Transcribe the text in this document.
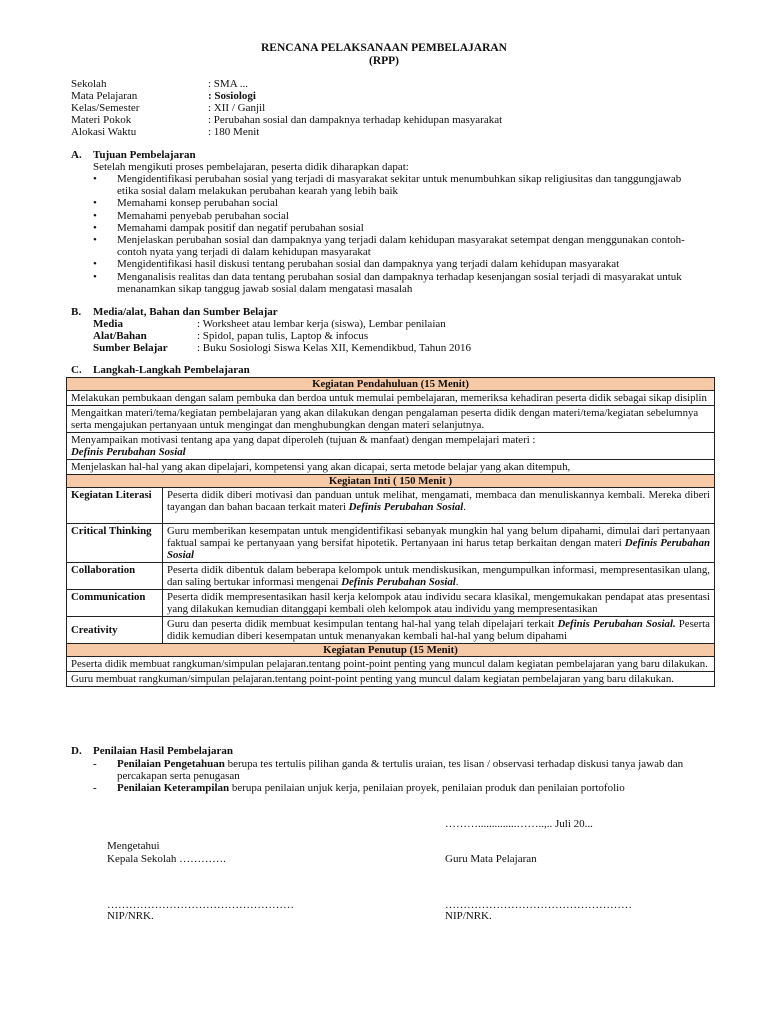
RENCANA PELAKSANAAN PEMBELAJARAN
(RPP)
Sekolah	: SMA ...
Mata Pelajaran	: Sosiologi
Kelas/Semester	: XII / Ganjil
Materi Pokok	: Perubahan sosial dan dampaknya terhadap kehidupan masyarakat
Alokasi Waktu	: 180 Menit
A. Tujuan Pembelajaran
Setelah mengikuti proses pembelajaran, peserta didik diharapkan dapat:
• Mengidentifikasi perubahan sosial yang terjadi di masyarakat sekitar untuk menumbuhkan sikap religiusitas dan tanggungjawab etika sosial dalam melakukan perubahan kearah yang lebih baik
• Memahami konsep perubahan social
• Memahami penyebab perubahan social
• Memahami dampak positif dan negatif perubahan sosial
• Menjelaskan perubahan sosial dan dampaknya yang terjadi dalam kehidupan masyarakat setempat dengan menggunakan contoh-contoh nyata yang terjadi di dalam kehidupan masyarakat
• Mengidentifikasi hasil diskusi tentang perubahan sosial dan dampaknya yang terjadi dalam kehidupan masyarakat
• Menganalisis realitas dan data tentang perubahan sosial dan dampaknya terhadap kesenjangan sosial terjadi di masyarakat untuk menanamkan sikap tanggug jawab sosial dalam mengatasi masalah
B. Media/alat, Bahan dan Sumber Belajar
Media	: Worksheet atau lembar kerja (siswa), Lembar penilaian
Alat/Bahan	: Spidol, papan tulis, Laptop & infocus
Sumber Belajar	: Buku Sosiologi Siswa Kelas XII, Kemendikbud, Tahun 2016
C. Langkah-Langkah Pembelajaran
Kegiatan Pendahuluan (15 Menit)	
Melakukan pembukaan dengan salam pembuka dan berdoa untuk memulai pembelajaran, memeriksa kehadiran peserta didik sebagai sikap disiplin	
Mengaitkan materi/tema/kegiatan pembelajaran yang akan dilakukan dengan pengalaman peserta didik dengan materi/tema/kegiatan sebelumnya serta mengajukan pertanyaan untuk mengingat dan menghubungkan dengan materi selanjutnya.	

Menyampaikan motivasi tentang apa yang dapat diperoleh (tujuan & manfaat) dengan mempelajari materi :
Definis Perubahan Sosial	

Menjelaskan hal-hal yang akan dipelajari, kompetensi yang akan dicapai, serta metode belajar yang akan ditempuh,	
Kegiatan Inti ( 150 Menit )	
Kegiatan Literasi	Peserta didik diberi motivasi dan panduan untuk melihat, mengamati, membaca dan menuliskannya kembali. Mereka diberi tayangan dan bahan bacaan terkait materi Definis Perubahan Sosial.
Critical Thinking	Guru memberikan kesempatan untuk mengidentifikasi sebanyak mungkin hal yang belum dipahami, dimulai dari pertanyaan faktual sampai ke pertanyaan yang bersifat hipotetik. Pertanyaan ini harus tetap berkaitan dengan materi Definis Perubahan Sosial
Collaboration	Peserta didik dibentuk dalam beberapa kelompok untuk mendiskusikan, mengumpulkan informasi, mempresentasikan ulang, dan saling bertukar informasi mengenai Definis Perubahan Sosial.
Communication	Peserta didik mempresentasikan hasil kerja kelompok atau individu secara klasikal, mengemukakan pendapat atas presentasi yang dilakukan kemudian ditanggapi kembali oleh kelompok atau individu yang mempresentasikan
Creativity	Guru dan peserta didik membuat kesimpulan tentang hal-hal yang telah dipelajari terkait Definis Perubahan Sosial. Peserta didik kemudian diberi kesempatan untuk menanyakan kembali hal-hal yang belum dipahami
Kegiatan Penutup (15 Menit)	
Peserta didik membuat rangkuman/simpulan pelajaran.tentang point-point penting yang muncul dalam kegiatan pembelajaran yang baru dilakukan.	
Guru membuat rangkuman/simpulan pelajaran.tentang point-point penting yang muncul dalam kegiatan pembelajaran yang baru dilakukan.	
D. Penilaian Hasil Pembelajaran
- Penilaian Pengetahuan berupa tes tertulis pilihan ganda & tertulis uraian, tes lisan / observasi terhadap diskusi tanya jawab dan percakapan serta penugasan
- Penilaian Keterampilan berupa penilaian unjuk kerja, penilaian proyek, penilaian produk dan penilaian portofolio
………..............……..,.. Juli 20...
Mengetahui
Kepala Sekolah ………….	Guru Mata Pelajaran
……………………………………………	……………………………………………
NIP/NRK.	NIP/NRK.
